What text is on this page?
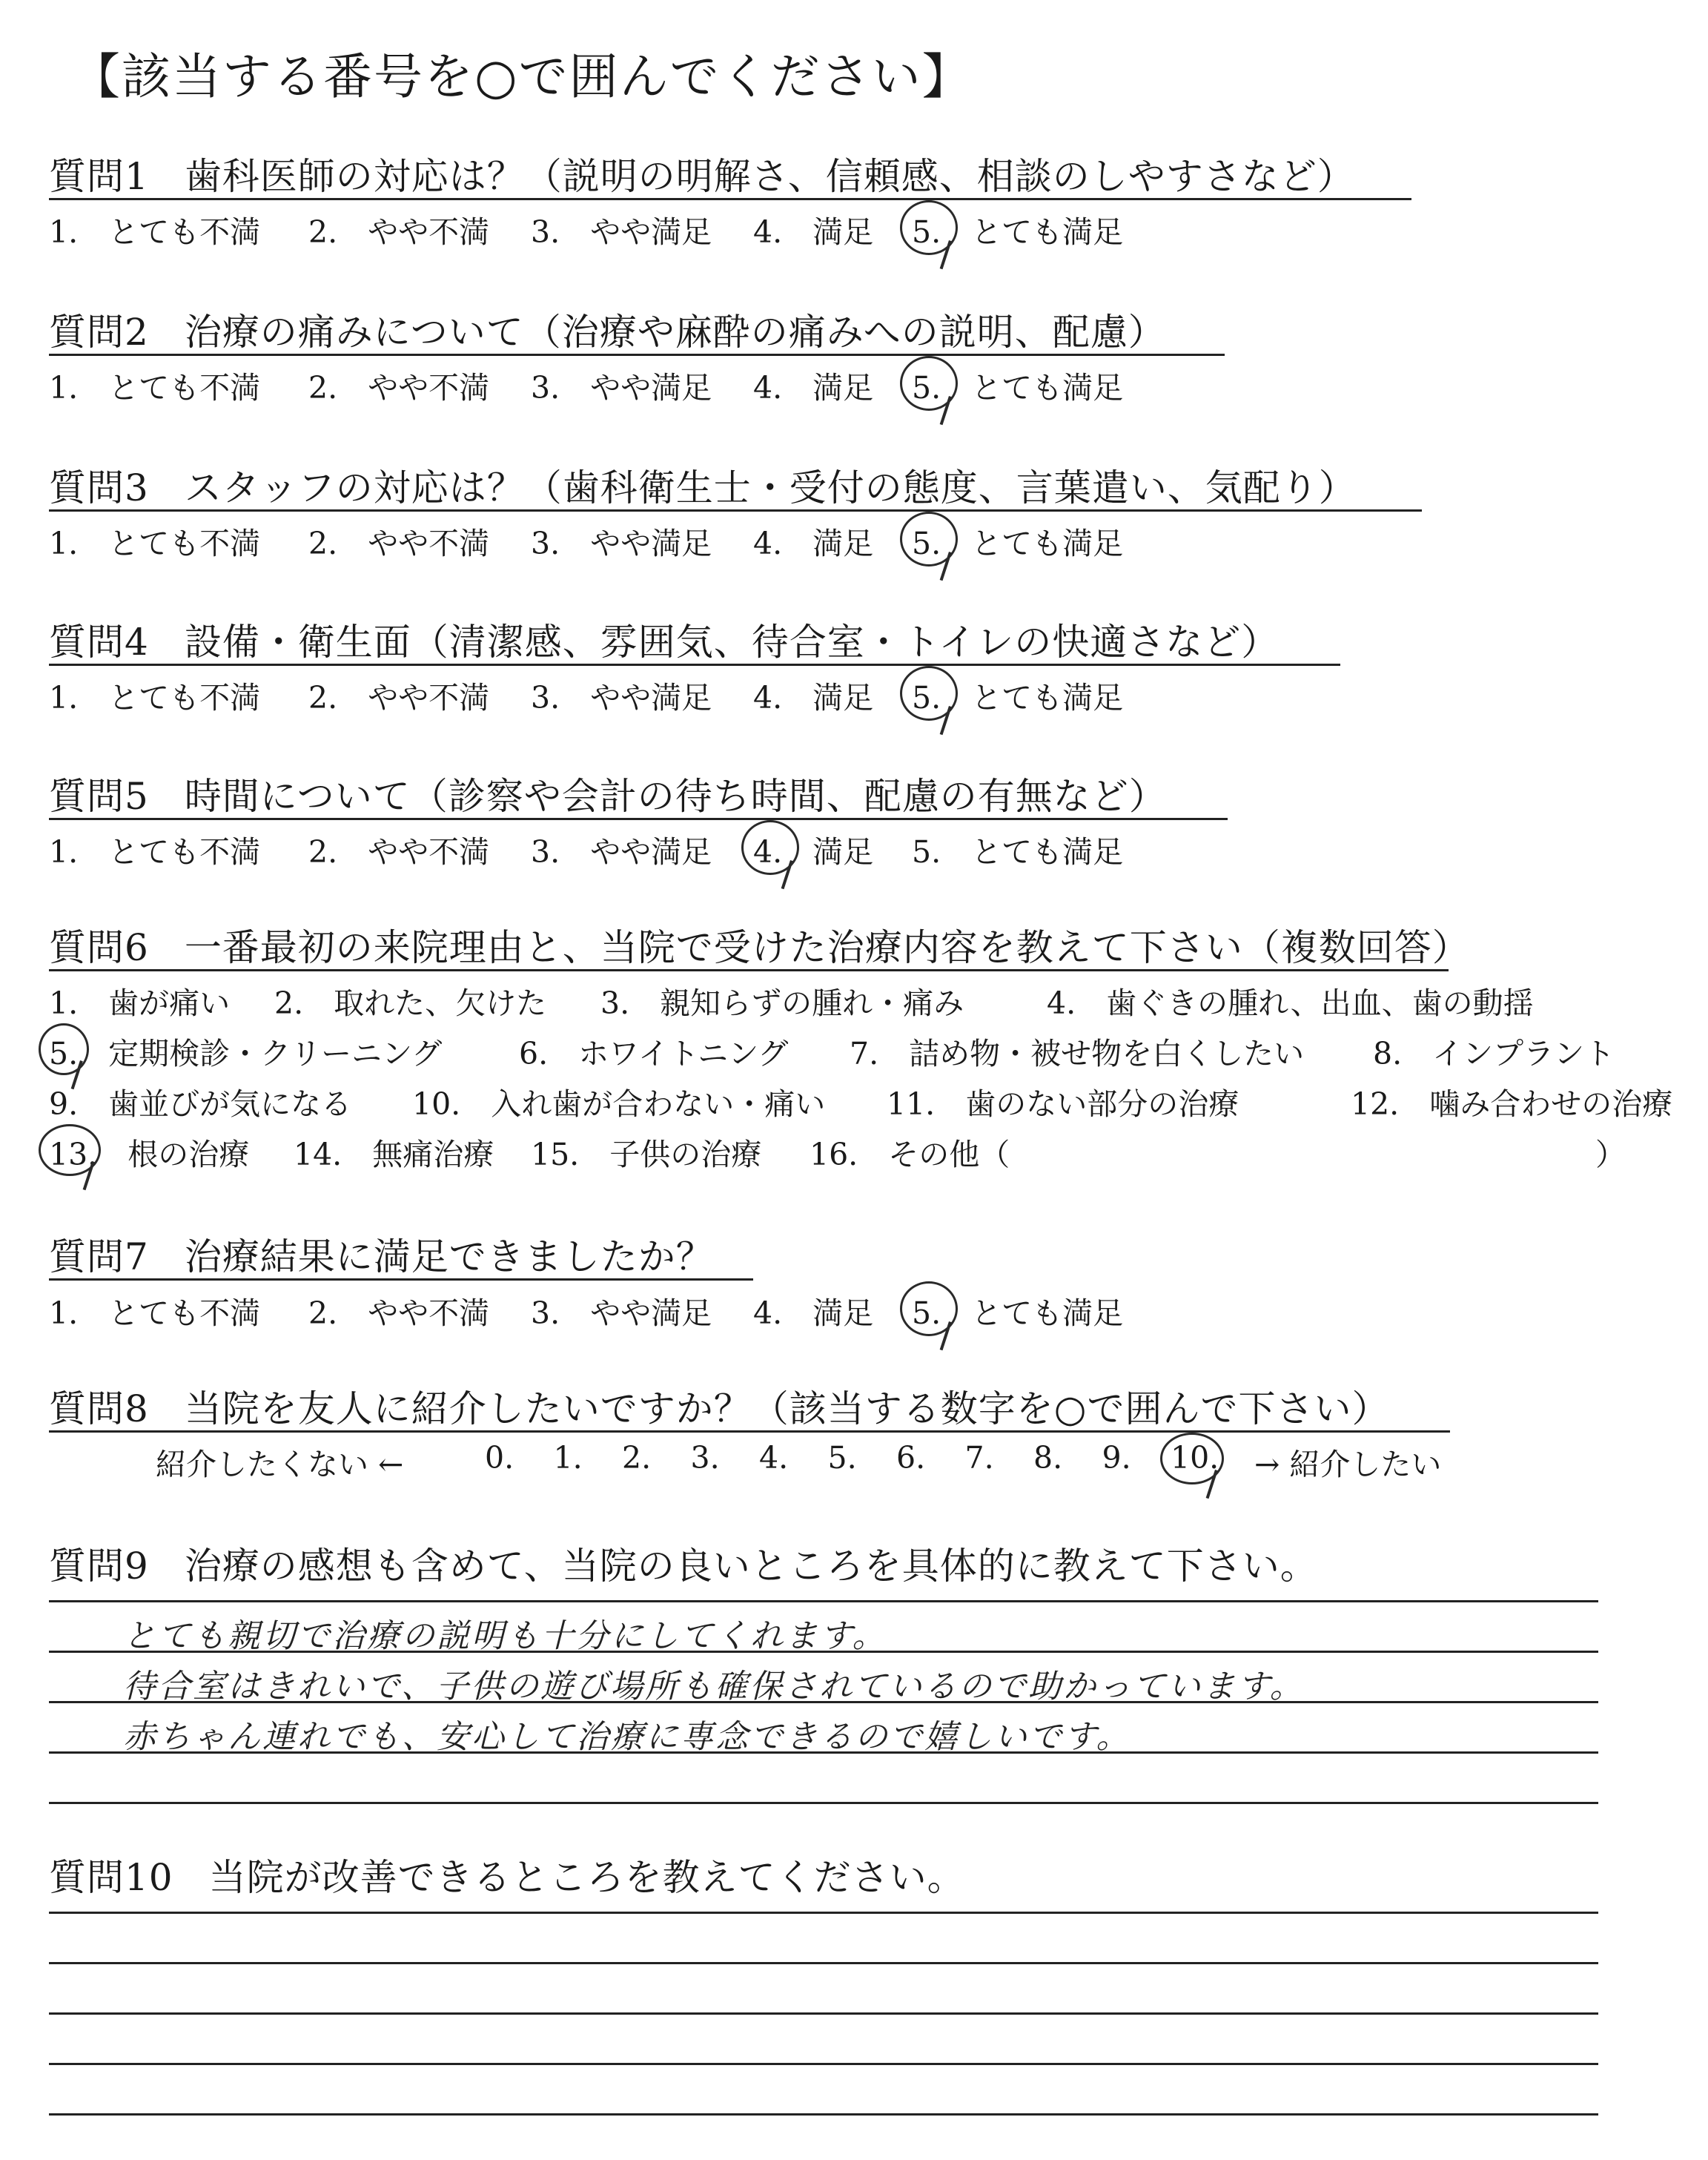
【該当する番号を○で囲んでください】
質問1 歯科医師の対応は？（説明の明解さ、信頼感、相談のしやすさなど）
1.　とても不満 2.　やや不満 3.　やや満足 4.　満足 5.　とても満足
質問2 治療の痛みについて（治療や麻酔の痛みへの説明、配慮）
1.　とても不満 2.　やや不満 3.　やや満足 4.　満足 5.　とても満足
質問3 スタッフの対応は？（歯科衛生士・受付の態度、言葉遣い、気配り）
1.　とても不満 2.　やや不満 3.　やや満足 4.　満足 5.　とても満足
質問4 設備・衛生面（清潔感、雰囲気、待合室・トイレの快適さなど）
1.　とても不満 2.　やや不満 3.　やや満足 4.　満足 5.　とても満足
質問5 時間について（診察や会計の待ち時間、配慮の有無など）
1.　とても不満 2.　やや不満 3.　やや満足 4.　満足 5.　とても満足
質問6 一番最初の来院理由と、当院で受けた治療内容を教えて下さい（複数回答）
1.　歯が痛い 2.　取れた、欠けた 3.　親知らずの腫れ・痛み	4.　歯ぐきの腫れ、出血、歯の動揺
5.　定期検診・クリーニング	6.　ホワイトニング 7.　詰め物・被せ物を白くしたい 8.　インプラント
9.　歯並びが気になる 10.　入れ歯が合わない・痛い 11.　歯のない部分の治療	12.　噛み合わせの治療
13.　根の治療 14.　無痛治療 15.　子供の治療 16.　その他（	）
質問7 治療結果に満足できましたか？
1.　とても不満 2.　やや不満 3.　やや満足 4.　満足 5.　とても満足
質問8 当院を友人に紹介したいですか？（該当する数字を○で囲んで下さい）
紹介したくない ←	0. 1. 2. 3. 4. 5. 6. 7. 8. 9. 10. → 紹介したい
質問9 治療の感想も含めて、当院の良いところを具体的に教えて下さい。
とても親切で治療の説明も十分にしてくれます。
待合室はきれいで、子供の遊び場所も確保されているので助かっています。
赤ちゃん連れでも、安心して治療に専念できるので嬉しいです。
質問10 当院が改善できるところを教えてください。
